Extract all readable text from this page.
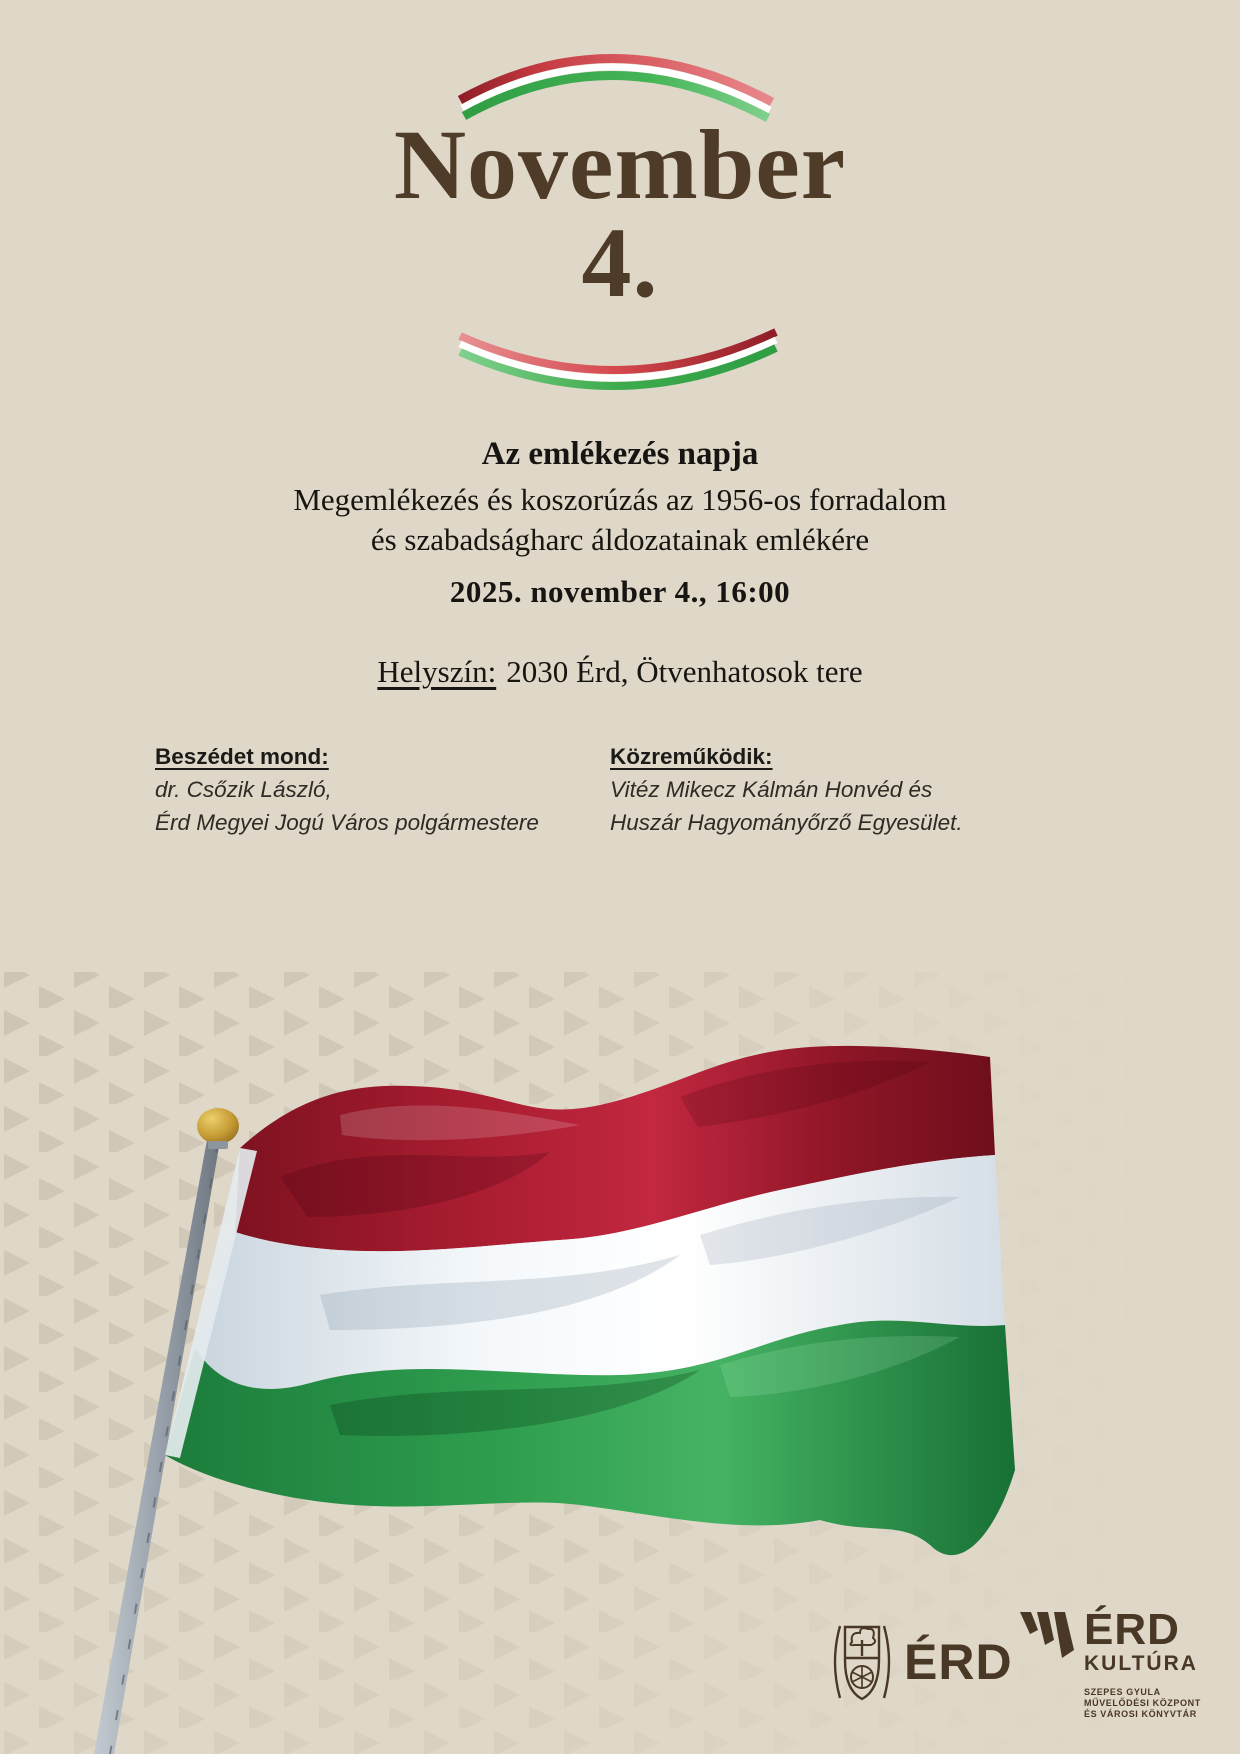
November
4.

Az emlékezés napja

Megemlékezés és koszorúzás az 1956-os forradalom

és szabadságharc áldozatainak emlékére

2025. november 4., 16:00

Helyszín: 2030 Érd, Ötvenhatosok tere

Beszédet mond:
dr. Csőzik László,
Érd Megyei Jogú Város polgármestere
Közreműködik:
Vitéz Mikecz Kálmán Honvéd és
Huszár Hagyományőrző Egyesület.
ÉRD
ÉRD
KULTÚRA
SZEPES GYULA
MŰVELŐDÉSI KÖZPONT
ÉS VÁROSI KÖNYVTÁR
